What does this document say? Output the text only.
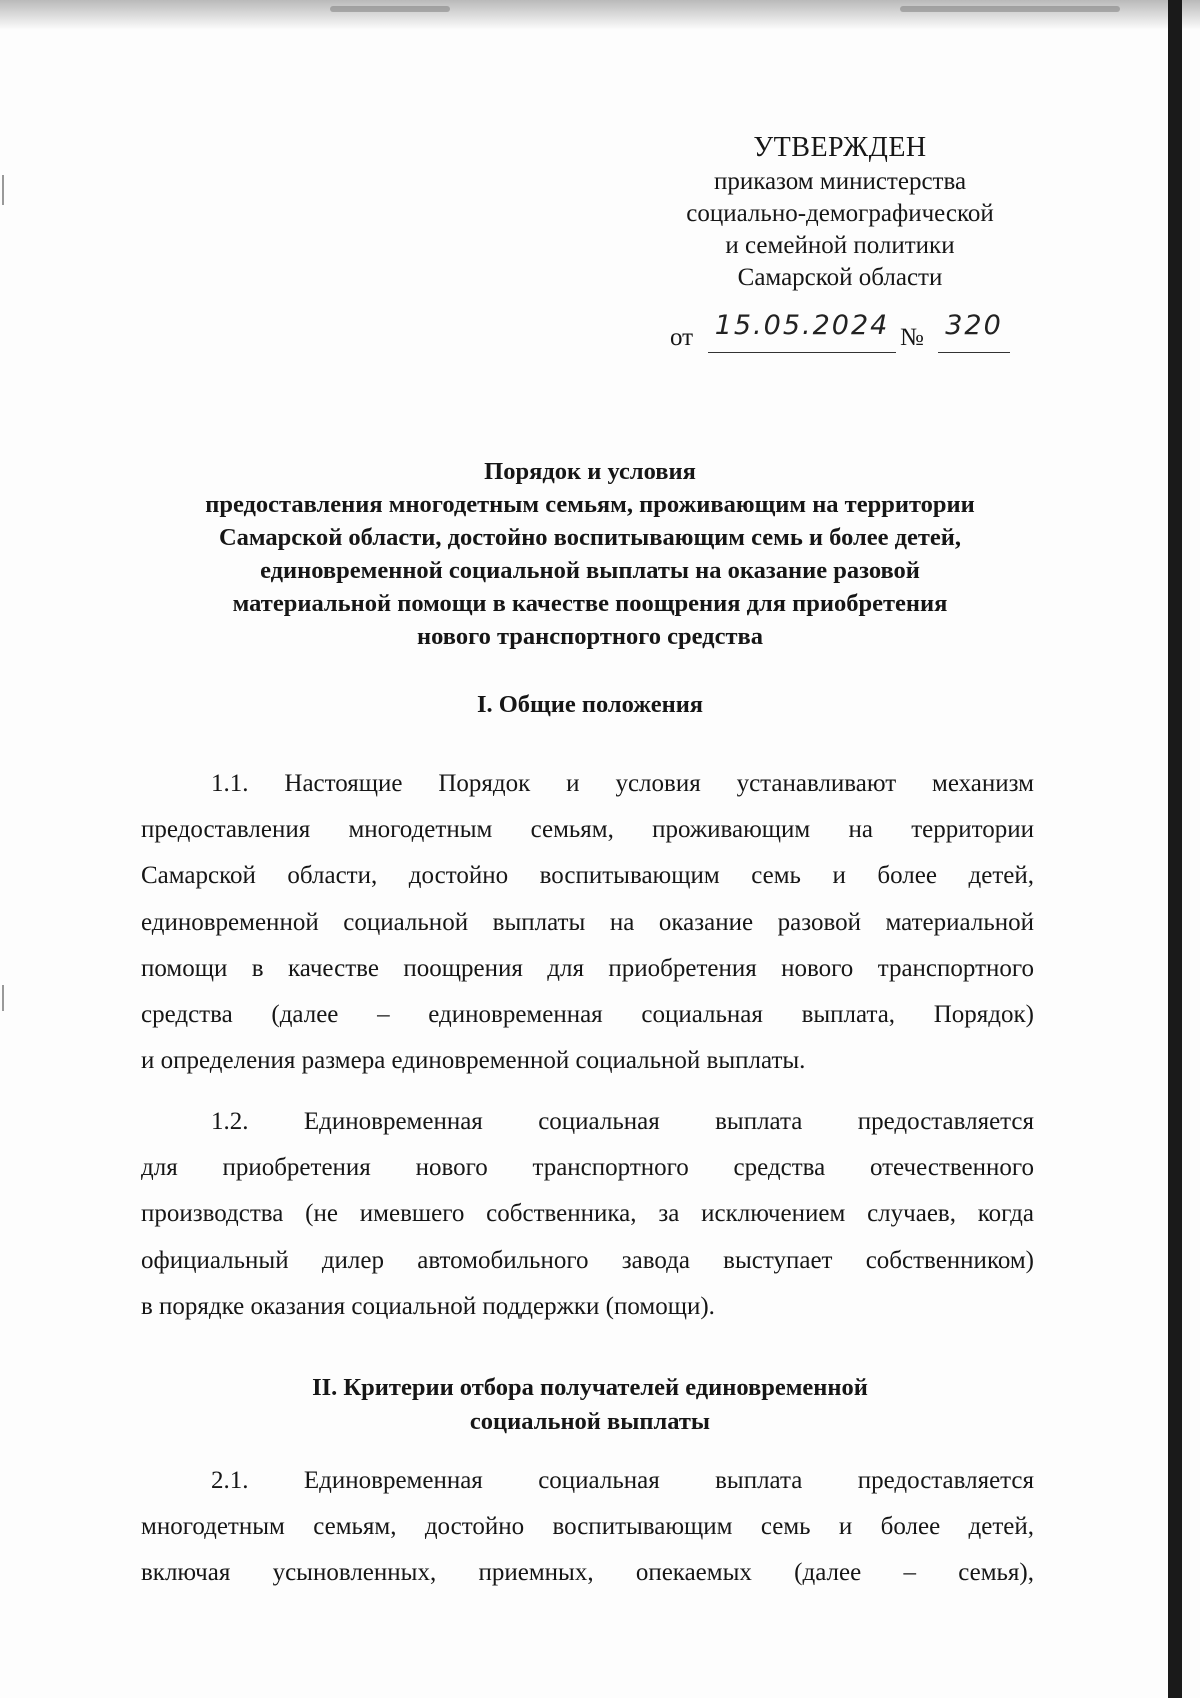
УТВЕРЖДЕН
приказом министерства
социально-демографической
и семейной политики
Самарской области
от 15.05.2024 № 320
Порядок и условия
предоставления многодетным семьям, проживающим на территории
Самарской области, достойно воспитывающим семь и более детей,
единовременной социальной выплаты на оказание разовой
материальной помощи в качестве поощрения для приобретения
нового транспортного средства
I. Общие положения
1.1. Настоящие Порядок и условия устанавливают механизм
предоставления многодетным семьям, проживающим на территории
Самарской области, достойно воспитывающим семь и более детей,
единовременной социальной выплаты на оказание разовой материальной
помощи в качестве поощрения для приобретения нового транспортного
средства (далее – единовременная социальная выплата, Порядок)
и определения размера единовременной социальной выплаты.
1.2. Единовременная социальная выплата предоставляется
для приобретения нового транспортного средства отечественного
производства (не имевшего собственника, за исключением случаев, когда
официальный дилер автомобильного завода выступает собственником)
в порядке оказания социальной поддержки (помощи).
II. Критерии отбора получателей единовременной
социальной выплаты
2.1. Единовременная социальная выплата предоставляется
многодетным семьям, достойно воспитывающим семь и более детей,
включая усыновленных, приемных, опекаемых (далее – семья),
